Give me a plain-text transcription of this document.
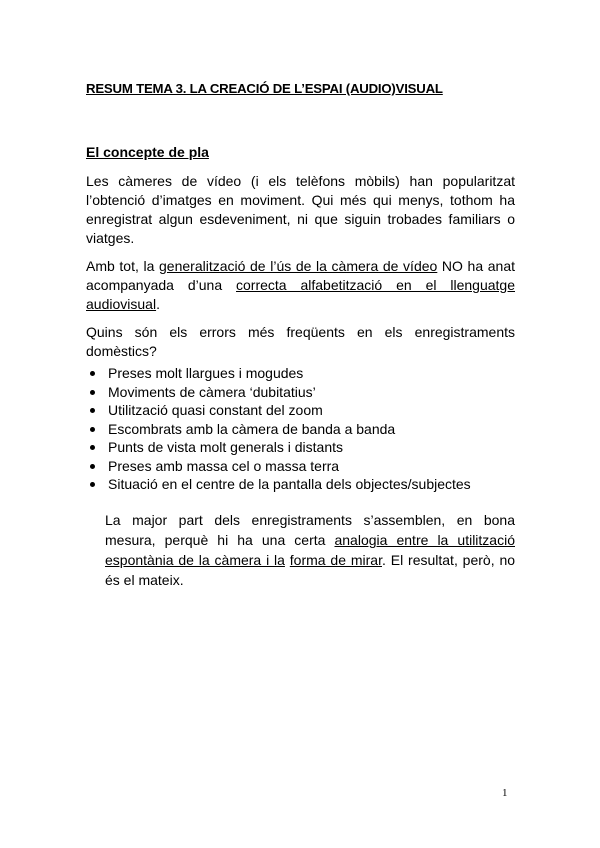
RESUM TEMA 3. LA CREACIÓ DE L’ESPAI (AUDIO)VISUAL
El concepte de pla

Les càmeres de vídeo (i els telèfons mòbils) han popularitzat l’obtenció d’imatges en moviment. Qui més qui menys, tothom ha enregistrat algun esdeveniment, ni que siguin trobades familiars o viatges.

Amb tot, la generalització de l’ús de la càmera de vídeo NO ha anat acompanyada d’una correcta alfabetització en el llenguatge audiovisual.

Quins són els errors més freqüents en els enregistraments domèstics?

Preses molt llargues i mogudes
Moviments de càmera ‘dubitatius’
Utilització quasi constant del zoom
Escombrats amb la càmera de banda a banda
Punts de vista molt generals i distants
Preses amb massa cel o massa terra
Situació en el centre de la pantalla dels objectes/subjectes

La major part dels enregistraments s’assemblen, en bona mesura, perquè hi ha una certa analogia entre la utilització espontània de la càmera i la forma de mirar. El resultat, però, no és el mateix.

1
